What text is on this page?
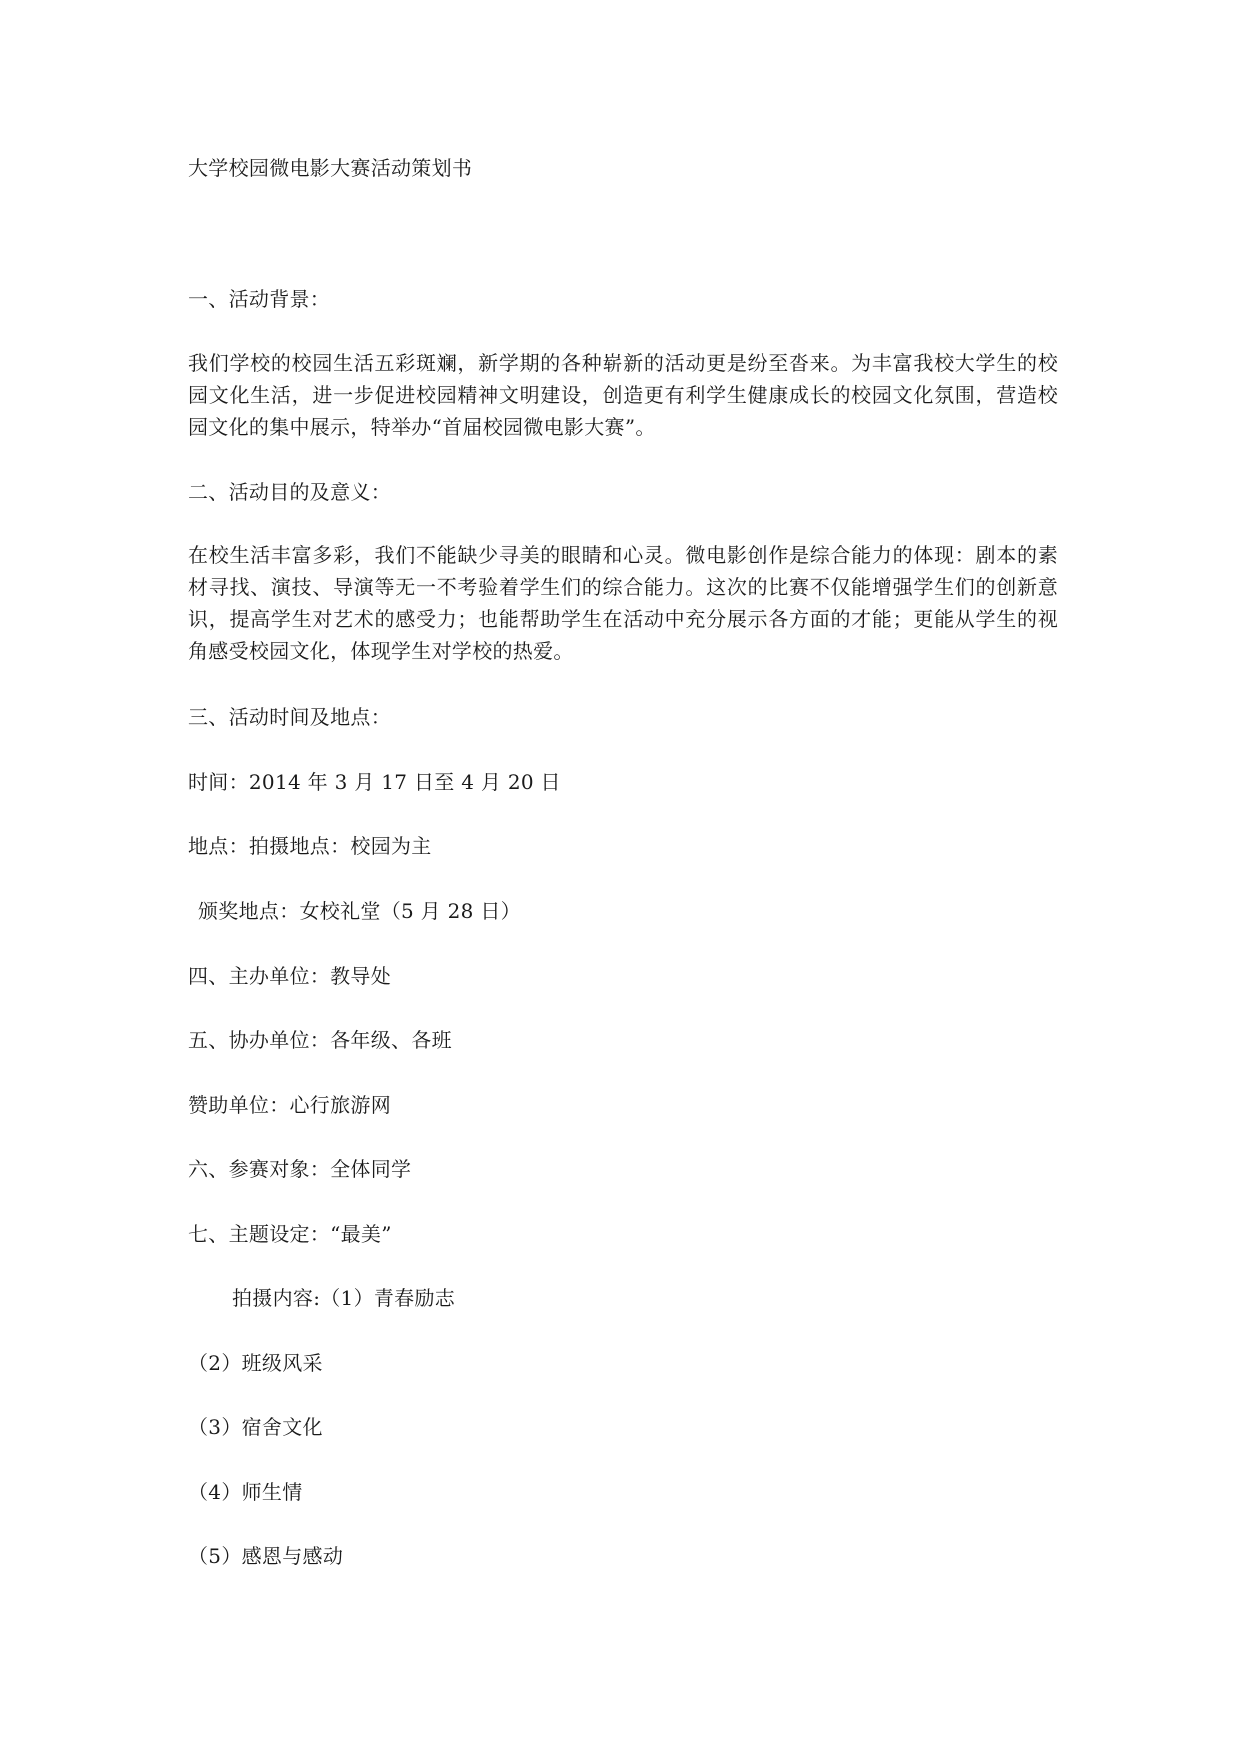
大学校园微电影大赛活动策划书
一、活动背景：
我们学校的校园生活五彩斑斓，新学期的各种崭新的活动更是纷至沓来。为丰富我校大学生的校园文化生活，进一步促进校园精神文明建设，创造更有利学生健康成长的校园文化氛围，营造校园文化的集中展示，特举办“首届校园微电影大赛”。
二、活动目的及意义：
在校生活丰富多彩，我们不能缺少寻美的眼睛和心灵。微电影创作是综合能力的体现：剧本的素材寻找、演技、导演等无一不考验着学生们的综合能力。这次的比赛不仅能增强学生们的创新意识，提高学生对艺术的感受力；也能帮助学生在活动中充分展示各方面的才能；更能从学生的视角感受校园文化，体现学生对学校的热爱。
三、活动时间及地点：
时间：2014 年 3 月 17 日至 4 月 20 日
地点：拍摄地点：校园为主
颁奖地点：女校礼堂（5 月 28 日）
四、主办单位：教导处
五、协办单位：各年级、各班
赞助单位：心行旅游网
六、参赛对象：全体同学
七、主题设定：“最美”
拍摄内容:（1）青春励志
（2）班级风采
（3）宿舍文化
（4）师生情
（5）感恩与感动
